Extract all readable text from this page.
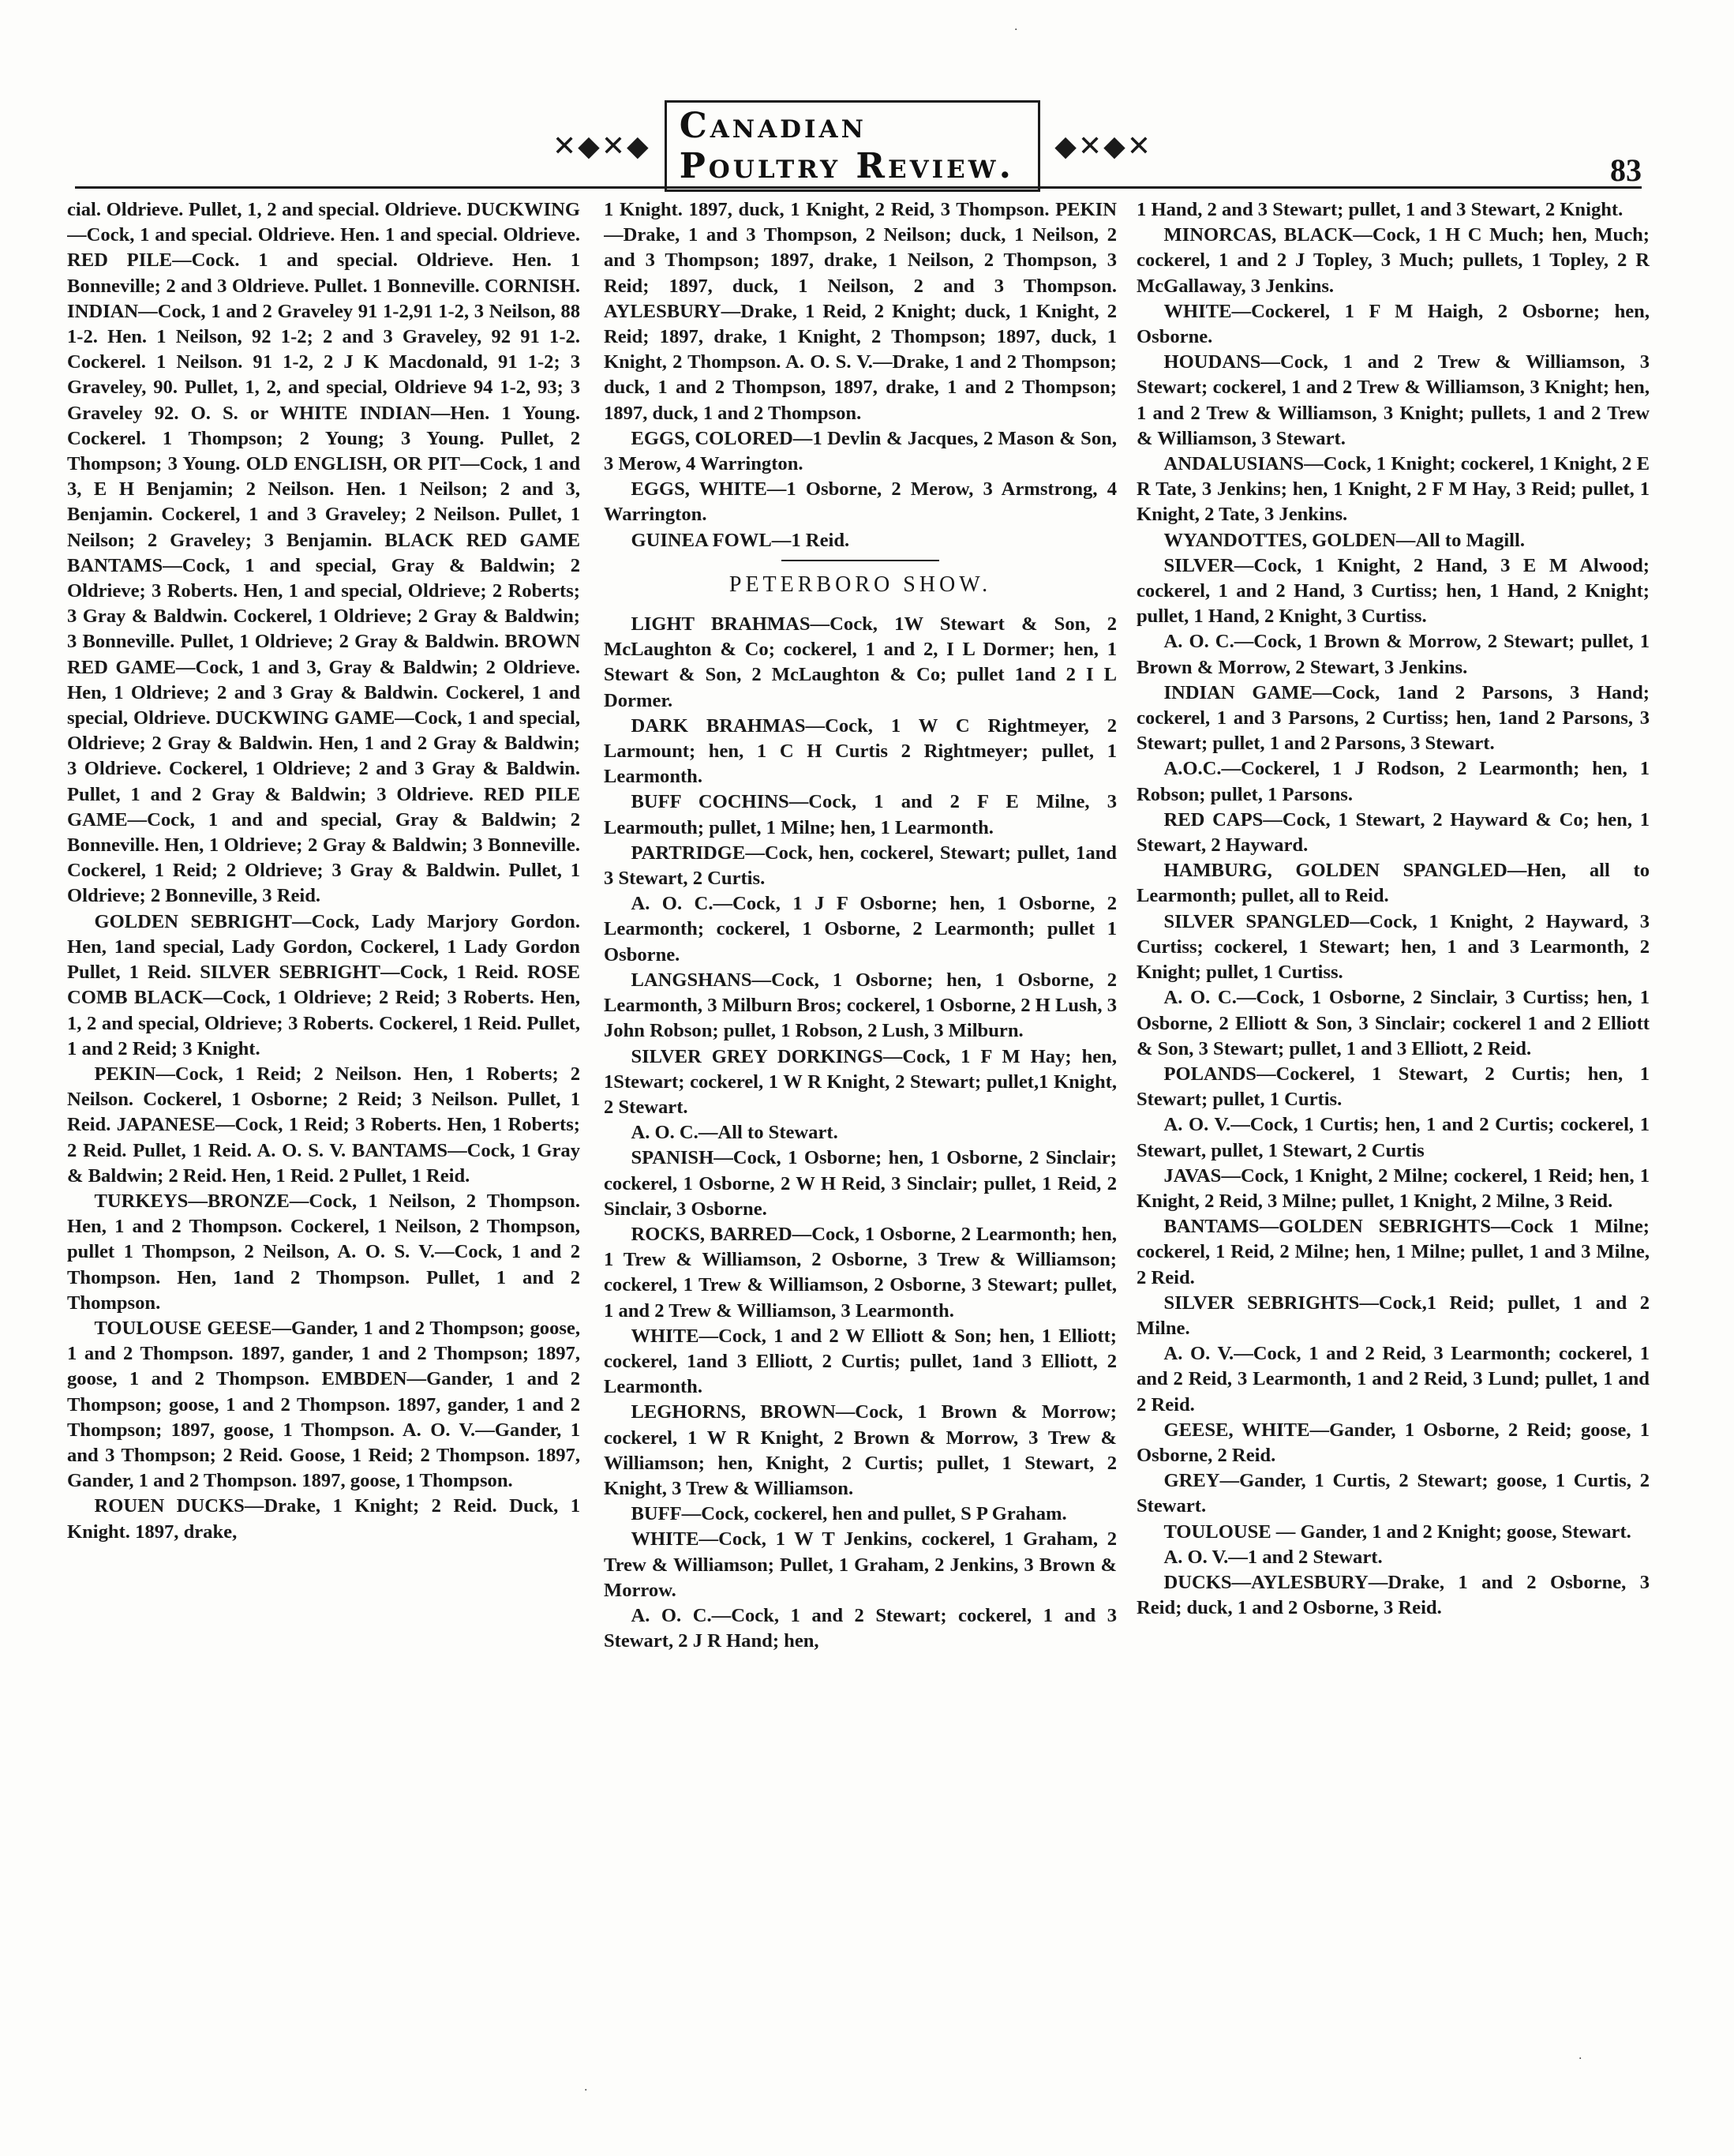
✕◆✕◆ Canadian Poultry Review.	◆✕◆✕
83

cial. Oldrieve. Pullet, 1, 2 and special. Oldrieve. DUCKWING—Cock, 1 and special. Oldrieve. Hen. 1 and special. Oldrieve. RED PILE—Cock. 1 and special. Oldrieve. Hen. 1 Bonneville; 2 and 3 Oldrieve. Pullet. 1 Bonneville. CORNISH. INDIAN—Cock, 1 and 2 Graveley 91 1-2,91 1-2, 3 Neilson, 88 1-2. Hen. 1 Neilson, 92 1-2; 2 and 3 Graveley, 92 91 1-2. Cockerel. 1 Neilson. 91 1-2, 2 J K Macdonald, 91 1-2; 3 Graveley, 90. Pullet, 1, 2, and special, Oldrieve 94 1-2, 93; 3 Graveley 92. O. S. or WHITE INDIAN—Hen. 1 Young. Cockerel. 1 Thompson; 2 Young; 3 Young. Pullet, 2 Thompson; 3 Young. OLD ENGLISH, OR PIT—Cock, 1 and 3, E H Benjamin; 2 Neilson. Hen. 1 Neilson; 2 and 3, Benjamin. Cockerel, 1 and 3 Graveley; 2 Neilson. Pullet, 1 Neilson; 2 Graveley; 3 Benjamin. BLACK RED GAME BANTAMS—Cock, 1 and special, Gray & Baldwin; 2 Oldrieve; 3 Roberts. Hen, 1 and special, Oldrieve; 2 Roberts; 3 Gray & Baldwin. Cockerel, 1 Oldrieve; 2 Gray & Baldwin; 3 Bonneville. Pullet, 1 Oldrieve; 2 Gray & Baldwin. BROWN RED GAME—Cock, 1 and 3, Gray & Baldwin; 2 Oldrieve. Hen, 1 Oldrieve; 2 and 3 Gray & Baldwin. Cockerel, 1 and special, Oldrieve. DUCKWING GAME—Cock, 1 and special, Oldrieve; 2 Gray & Baldwin. Hen, 1 and 2 Gray & Baldwin; 3 Oldrieve. Cockerel, 1 Oldrieve; 2 and 3 Gray & Baldwin. Pullet, 1 and 2 Gray & Baldwin; 3 Oldrieve. RED PILE GAME—Cock, 1 and and special, Gray & Baldwin; 2 Bonneville. Hen, 1 Oldrieve; 2 Gray & Baldwin; 3 Bonneville. Cockerel, 1 Reid; 2 Oldrieve; 3 Gray & Baldwin. Pullet, 1 Oldrieve; 2 Bonneville, 3 Reid.

GOLDEN SEBRIGHT—Cock, Lady Marjory Gordon. Hen, 1and special, Lady Gordon, Cockerel, 1 Lady Gordon Pullet, 1 Reid. SILVER SEBRIGHT—Cock, 1 Reid. ROSE COMB BLACK—Cock, 1 Oldrieve; 2 Reid; 3 Roberts. Hen, 1, 2 and special, Oldrieve; 3 Roberts. Cockerel, 1 Reid. Pullet, 1 and 2 Reid; 3 Knight.

PEKIN—Cock, 1 Reid; 2 Neilson. Hen, 1 Roberts; 2 Neilson. Cockerel, 1 Osborne; 2 Reid; 3 Neilson. Pullet, 1 Reid. JAPANESE—Cock, 1 Reid; 3 Roberts. Hen, 1 Roberts; 2 Reid. Pullet, 1 Reid. A. O. S. V. BANTAMS—Cock, 1 Gray & Baldwin; 2 Reid. Hen, 1 Reid. 2 Pullet, 1 Reid.

TURKEYS—BRONZE—Cock, 1 Neilson, 2 Thompson. Hen, 1 and 2 Thompson. Cockerel, 1 Neilson, 2 Thompson, pullet 1 Thompson, 2 Neilson, A. O. S. V.—Cock, 1 and 2 Thompson. Hen, 1and 2 Thompson. Pullet, 1 and 2 Thompson.

TOULOUSE GEESE—Gander, 1 and 2 Thompson; goose, 1 and 2 Thompson. 1897, gander, 1 and 2 Thompson; 1897, goose, 1 and 2 Thompson. EMBDEN—Gander, 1 and 2 Thompson; goose, 1 and 2 Thompson. 1897, gander, 1 and 2 Thompson; 1897, goose, 1 Thompson. A. O. V.—Gander, 1 and 3 Thompson; 2 Reid. Goose, 1 Reid; 2 Thompson. 1897, Gander, 1 and 2 Thompson. 1897, goose, 1 Thompson.

ROUEN DUCKS—Drake, 1 Knight; 2 Reid. Duck, 1 Knight. 1897, drake,

1 Knight. 1897, duck, 1 Knight, 2 Reid, 3 Thompson. PEKIN—Drake, 1 and 3 Thompson, 2 Neilson; duck, 1 Neilson, 2 and 3 Thompson; 1897, drake, 1 Neilson, 2 Thompson, 3 Reid; 1897, duck, 1 Neilson, 2 and 3 Thompson. AYLESBURY—Drake, 1 Reid, 2 Knight; duck, 1 Knight, 2 Reid; 1897, drake, 1 Knight, 2 Thompson; 1897, duck, 1 Knight, 2 Thompson. A. O. S. V.—Drake, 1 and 2 Thompson; duck, 1 and 2 Thompson, 1897, drake, 1 and 2 Thompson; 1897, duck, 1 and 2 Thompson.

EGGS, COLORED—1 Devlin & Jacques, 2 Mason & Son, 3 Merow, 4 Warrington.

EGGS, WHITE—1 Osborne, 2 Merow, 3 Armstrong, 4 Warrington.

GUINEA FOWL—1 Reid.

PETERBORO SHOW.

LIGHT BRAHMAS—Cock, 1W Stewart & Son, 2 McLaughton & Co; cockerel, 1 and 2, I L Dormer; hen, 1 Stewart & Son, 2 McLaughton & Co; pullet 1and 2 I L Dormer.

DARK BRAHMAS—Cock, 1 W C Rightmeyer, 2 Larmount; hen, 1 C H Curtis 2 Rightmeyer; pullet, 1 Learmonth.

BUFF COCHINS—Cock, 1 and 2 F E Milne, 3 Learmouth; pullet, 1 Milne; hen, 1 Learmonth.

PARTRIDGE—Cock, hen, cockerel, Stewart; pullet, 1and 3 Stewart, 2 Curtis.

A. O. C.—Cock, 1 J F Osborne; hen, 1 Osborne, 2 Learmonth; cockerel, 1 Osborne, 2 Learmonth; pullet 1 Osborne.

LANGSHANS—Cock, 1 Osborne; hen, 1 Osborne, 2 Learmonth, 3 Milburn Bros; cockerel, 1 Osborne, 2 H Lush, 3 John Robson; pullet, 1 Robson, 2 Lush, 3 Milburn.

SILVER GREY DORKINGS—Cock, 1 F M Hay; hen, 1Stewart; cockerel, 1 W R Knight, 2 Stewart; pullet,1 Knight, 2 Stewart.

A. O. C.—All to Stewart.

SPANISH—Cock, 1 Osborne; hen, 1 Osborne, 2 Sinclair; cockerel, 1 Osborne, 2 W H Reid, 3 Sinclair; pullet, 1 Reid, 2 Sinclair, 3 Osborne.

ROCKS, BARRED—Cock, 1 Osborne, 2 Learmonth; hen, 1 Trew & Williamson, 2 Osborne, 3 Trew & Williamson; cockerel, 1 Trew & Williamson, 2 Osborne, 3 Stewart; pullet, 1 and 2 Trew & Williamson, 3 Learmonth.

WHITE—Cock, 1 and 2 W Elliott & Son; hen, 1 Elliott; cockerel, 1and 3 Elliott, 2 Curtis; pullet, 1and 3 Elliott, 2 Learmonth.

LEGHORNS, BROWN—Cock, 1 Brown & Morrow; cockerel, 1 W R Knight, 2 Brown & Morrow, 3 Trew & Williamson; hen, Knight, 2 Curtis; pullet, 1 Stewart, 2 Knight, 3 Trew & Williamson.

BUFF—Cock, cockerel, hen and pullet, S P Graham.

WHITE—Cock, 1 W T Jenkins, cockerel, 1 Graham, 2 Trew & Williamson; Pullet, 1 Graham, 2 Jenkins, 3 Brown & Morrow.

A. O. C.—Cock, 1 and 2 Stewart; cockerel, 1 and 3 Stewart, 2 J R Hand; hen,

1 Hand, 2 and 3 Stewart; pullet, 1 and 3 Stewart, 2 Knight.

MINORCAS, BLACK—Cock, 1 H C Much; hen, Much; cockerel, 1 and 2 J Topley, 3 Much; pullets, 1 Topley, 2 R McGallaway, 3 Jenkins.

WHITE—Cockerel, 1 F M Haigh, 2 Osborne; hen, Osborne.

HOUDANS—Cock, 1 and 2 Trew & Williamson, 3 Stewart; cockerel, 1 and 2 Trew & Williamson, 3 Knight; hen, 1 and 2 Trew & Williamson, 3 Knight; pullets, 1 and 2 Trew & Williamson, 3 Stewart.

ANDALUSIANS—Cock, 1 Knight; cockerel, 1 Knight, 2 E R Tate, 3 Jenkins; hen, 1 Knight, 2 F M Hay, 3 Reid; pullet, 1 Knight, 2 Tate, 3 Jenkins.

WYANDOTTES, GOLDEN—All to Magill.

SILVER—Cock, 1 Knight, 2 Hand, 3 E M Alwood; cockerel, 1 and 2 Hand, 3 Curtiss; hen, 1 Hand, 2 Knight; pullet, 1 Hand, 2 Knight, 3 Curtiss.

A. O. C.—Cock, 1 Brown & Morrow, 2 Stewart; pullet, 1 Brown & Morrow, 2 Stewart, 3 Jenkins.

INDIAN GAME—Cock, 1and 2 Parsons, 3 Hand; cockerel, 1 and 3 Parsons, 2 Curtiss; hen, 1and 2 Parsons, 3 Stewart; pullet, 1 and 2 Parsons, 3 Stewart.

A.O.C.—Cockerel, 1 J Rodson, 2 Learmonth; hen, 1 Robson; pullet, 1 Parsons.

RED CAPS—Cock, 1 Stewart, 2 Hayward & Co; hen, 1 Stewart, 2 Hayward.

HAMBURG, GOLDEN SPANGLED—Hen, all to Learmonth; pullet, all to Reid.

SILVER SPANGLED—Cock, 1 Knight, 2 Hayward, 3 Curtiss; cockerel, 1 Stewart; hen, 1 and 3 Learmonth, 2 Knight; pullet, 1 Curtiss.

A. O. C.—Cock, 1 Osborne, 2 Sinclair, 3 Curtiss; hen, 1 Osborne, 2 Elliott & Son, 3 Sinclair; cockerel 1 and 2 Elliott & Son, 3 Stewart; pullet, 1 and 3 Elliott, 2 Reid.

POLANDS—Cockerel, 1 Stewart, 2 Curtis; hen, 1 Stewart; pullet, 1 Curtis.

A. O. V.—Cock, 1 Curtis; hen, 1 and 2 Curtis; cockerel, 1 Stewart, pullet, 1 Stewart, 2 Curtis

JAVAS—Cock, 1 Knight, 2 Milne; cockerel, 1 Reid; hen, 1 Knight, 2 Reid, 3 Milne; pullet, 1 Knight, 2 Milne, 3 Reid.

BANTAMS—GOLDEN SEBRIGHTS—Cock 1 Milne; cockerel, 1 Reid, 2 Milne; hen, 1 Milne; pullet, 1 and 3 Milne, 2 Reid.

SILVER SEBRIGHTS—Cock,1 Reid; pullet, 1 and 2 Milne.

A. O. V.—Cock, 1 and 2 Reid, 3 Learmonth; cockerel, 1 and 2 Reid, 3 Learmonth, 1 and 2 Reid, 3 Lund; pullet, 1 and 2 Reid.

GEESE, WHITE—Gander, 1 Osborne, 2 Reid; goose, 1 Osborne, 2 Reid.

GREY—Gander, 1 Curtis, 2 Stewart; goose, 1 Curtis, 2 Stewart.

TOULOUSE — Gander, 1 and 2 Knight; goose, Stewart.

A. O. V.—1 and 2 Stewart.

DUCKS—AYLESBURY—Drake, 1 and 2 Osborne, 3 Reid; duck, 1 and 2 Osborne, 3 Reid.

·
·
·
